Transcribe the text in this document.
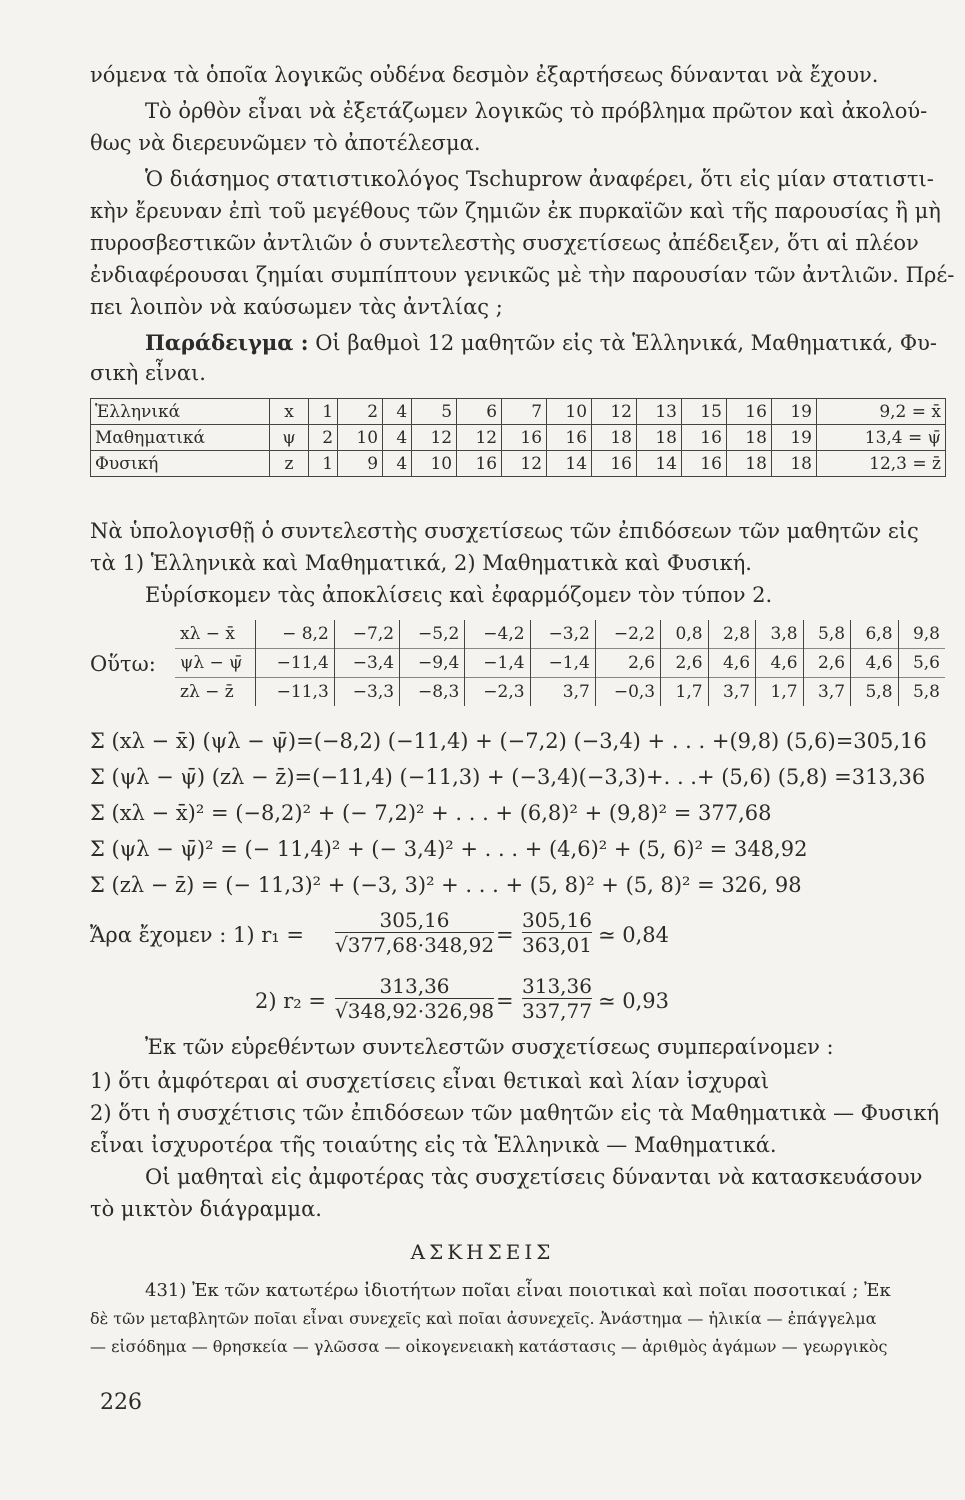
νόμενα τὰ ὁποῖα λογικῶς οὐδένα δεσμὸν ἐξαρτήσεως δύνανται νὰ ἔχουν.
Τὸ ὀρθὸν εἶναι νὰ ἐξετάζωμεν λογικῶς τὸ πρόβλημα πρῶτον καὶ ἀκολού-
θως νὰ διερευνῶμεν τὸ ἀποτέλεσμα.
Ὁ διάσημος στατιστικολόγος Tschuprow ἀναφέρει, ὅτι εἰς μίαν στατιστι-
κὴν ἔρευναν ἐπὶ τοῦ μεγέθους τῶν ζημιῶν ἐκ πυρκαϊῶν καὶ τῆς παρουσίας ἢ μὴ
πυροσβεστικῶν ἀντλιῶν ὁ συντελεστὴς συσχετίσεως ἀπέδειξεν, ὅτι αἱ πλέον
ἐνδιαφέρουσαι ζημίαι συμπίπτουν γενικῶς μὲ τὴν παρουσίαν τῶν ἀντλιῶν. Πρέ-
πει λοιπὸν νὰ καύσωμεν τὰς ἀντλίας ;
Παράδειγμα : Οἱ βαθμοὶ 12 μαθητῶν εἰς τὰ Ἑλληνικά, Μαθηματικά, Φυ-
σικὴ εἶναι.
Ἑλληνικά	x	1	2	4	5	6	7	10	12	13	15	16	19	9,2 = x̄
Μαθηματικά	ψ	2	10	4	12	12	16	16	18	18	16	18	19	13,4 = ψ̄
Φυσική	z	1	9	4	10	16	12	14	16	14	16	18	18	12,3 = z̄
Νὰ ὑπολογισθῇ ὁ συντελεστὴς συσχετίσεως τῶν ἐπιδόσεων τῶν μαθητῶν εἰς
τὰ 1) Ἑλληνικὰ καὶ Μαθηματικά, 2) Μαθηματικὰ καὶ Φυσική.
Εὑρίσκομεν τὰς ἀποκλίσεις καὶ ἐφαρμόζομεν τὸν τύπον 2.
Οὕτω:
xλ − x̄	− 8,2	−7,2	−5,2	−4,2	−3,2	−2,2	0,8	2,8	3,8	5,8	6,8	9,8
ψλ − ψ̄	−11,4	−3,4	−9,4	−1,4	−1,4	2,6	2,6	4,6	4,6	2,6	4,6	5,6
zλ − z̄	−11,3	−3,3	−8,3	−2,3	3,7	−0,3	1,7	3,7	1,7	3,7	5,8	5,8
Σ (xλ − x̄) (ψλ − ψ̄)=(−8,2) (−11,4) + (−7,2) (−3,4) + . . . +(9,8) (5,6)=305,16
Σ (ψλ − ψ̄) (zλ − z̄)=(−11,4) (−11,3) + (−3,4)(−3,3)+. . .+ (5,6) (5,8) =313,36
Σ (xλ − x̄)² = (−8,2)² + (− 7,2)² + . . . + (6,8)² + (9,8)² = 377,68
Σ (ψλ − ψ̄)² = (− 11,4)² + (− 3,4)² + . . . + (4,6)² + (5, 6)² = 348,92
Σ (zλ − z̄) = (− 11,3)² + (−3, 3)² + . . . + (5, 8)² + (5, 8)² = 326, 98
Ἄρα ἔχομεν : 1) $r_1 = \frac{305,16}{√377,68\cdot 348,92} = \frac{305,16}{363,01}$ ≃ 0,84
2) $r_2 = \frac{313,36}{√348,92\cdot 326,98} = \frac{313,36}{337,77}$ ≃ 0,93
Ἐκ τῶν εὑρεθέντων συντελεστῶν συσχετίσεως συμπεραίνομεν :
1) ὅτι ἀμφότεραι αἱ συσχετίσεις εἶναι θετικαὶ καὶ λίαν ἰσχυραὶ
2) ὅτι ἡ συσχέτισις τῶν ἐπιδόσεων τῶν μαθητῶν εἰς τὰ Μαθηματικὰ — Φυσική
εἶναι ἰσχυροτέρα τῆς τοιαύτης εἰς τὰ Ἑλληνικὰ — Μαθηματικά.
Οἱ μαθηταὶ εἰς ἀμφοτέρας τὰς συσχετίσεις δύνανται νὰ κατασκευάσουν
τὸ μικτὸν διάγραμμα.
ΑΣΚΗΣΕΙΣ
431) Ἐκ τῶν κατωτέρω ἰδιοτήτων ποῖαι εἶναι ποιοτικαὶ καὶ ποῖαι ποσοτικαί ; Ἐκ
δὲ τῶν μεταβλητῶν ποῖαι εἶναι συνεχεῖς καὶ ποῖαι ἀσυνεχεῖς. Ἀνάστημα — ἡλικία — ἐπάγγελμα
— εἰσόδημα — θρησκεία — γλῶσσα — οἰκογενειακὴ κατάστασις — ἀριθμὸς ἀγάμων — γεωργικὸς
226
